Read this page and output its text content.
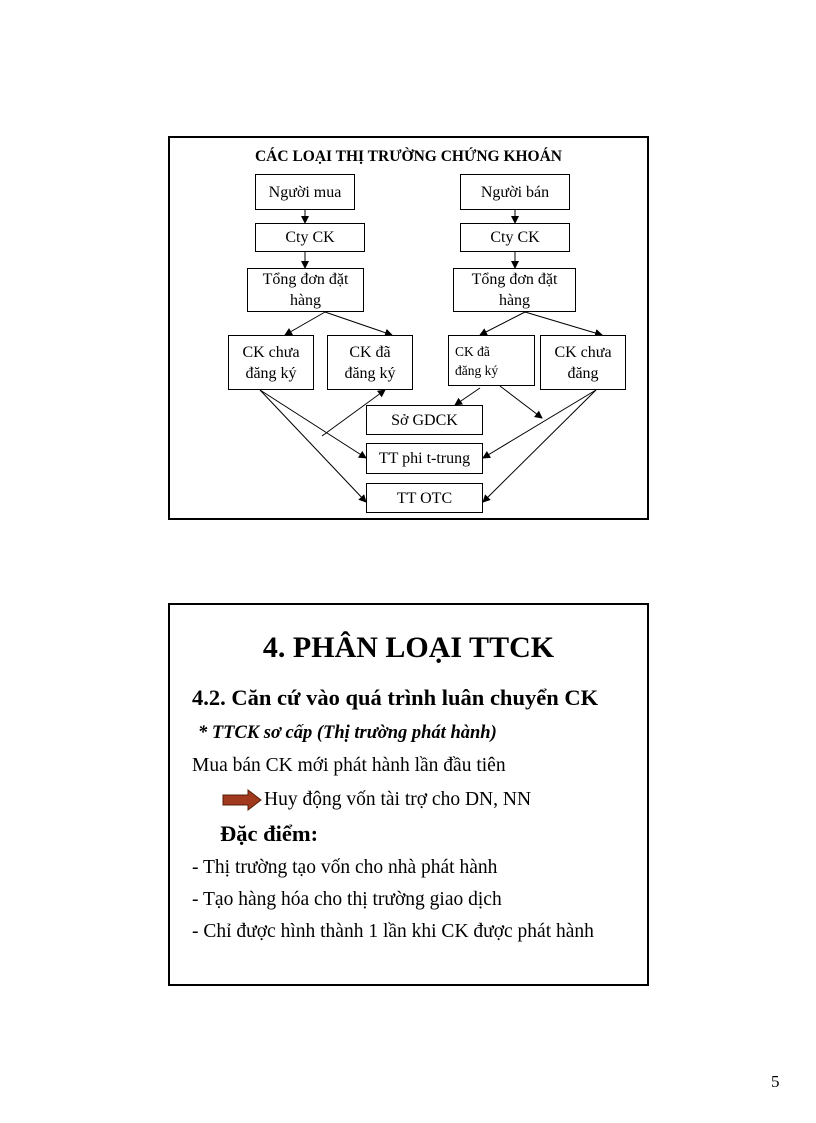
CÁC LOẠI THỊ TRƯỜNG CHỨNG KHOÁN
Người mua	Người bán
Cty CK	Cty CK
Tổng đơn đặt
hàng
Tổng đơn đặt
hàng
CK chưa
đăng ký
CK đã
đăng ký
CK đã
đăng ký
CK chưa
đăng
Sở GDCK
TT phi t-trung
TT OTC
4. PHÂN LOẠI TTCK
4.2. Căn cứ vào quá trình luân chuyển CK
* TTCK sơ cấp (Thị trường phát hành)
Mua bán CK mới phát hành lần đầu tiên
Huy động vốn tài trợ cho DN, NN
Đặc điểm:
- Thị trường tạo vốn cho nhà phát hành
- Tạo hàng hóa cho thị trường giao dịch
- Chỉ được hình thành 1 lần khi CK được phát hành
5
